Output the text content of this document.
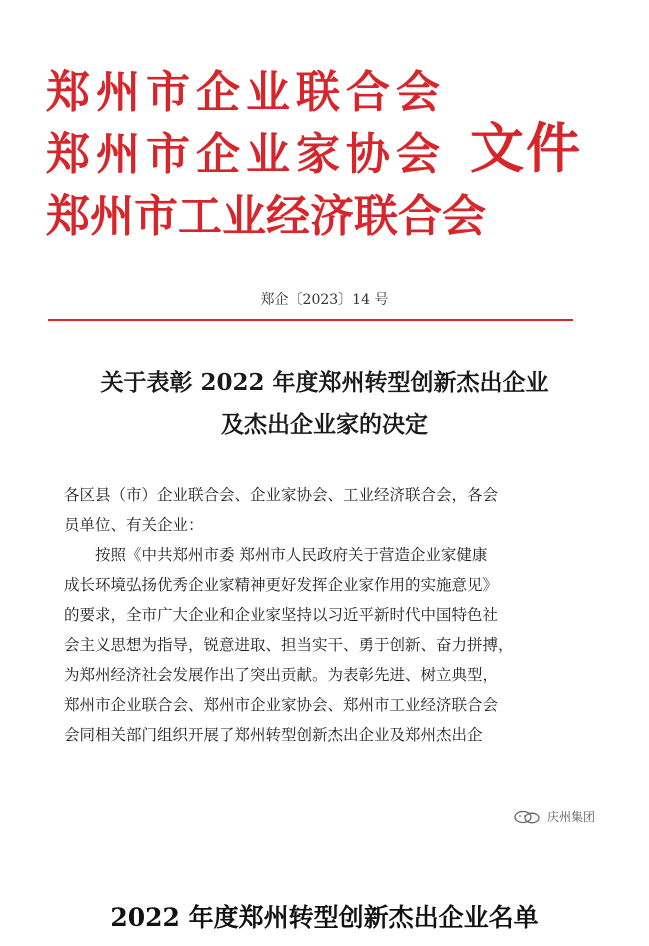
郑州市企业联合会
郑州市企业家协会
郑州市工业经济联合会
文件
郑企〔2023〕14 号
关于表彰 2022 年度郑州转型创新杰出企业
及杰出企业家的决定

各区县（市）企业联合会、企业家协会、工业经济联合会，各会

员单位、有关企业：

按照《中共郑州市委 郑州市人民政府关于营造企业家健康

成长环境弘扬优秀企业家精神更好发挥企业家作用的实施意见》

的要求，全市广大企业和企业家坚持以习近平新时代中国特色社

会主义思想为指导，锐意进取、担当实干、勇于创新、奋力拼搏，

为郑州经济社会发展作出了突出贡献。为表彰先进、树立典型，

郑州市企业联合会、郑州市企业家协会、郑州市工业经济联合会

会同相关部门组织开展了郑州转型创新杰出企业及郑州杰出企

庆州集团
2022 年度郑州转型创新杰出企业名单
